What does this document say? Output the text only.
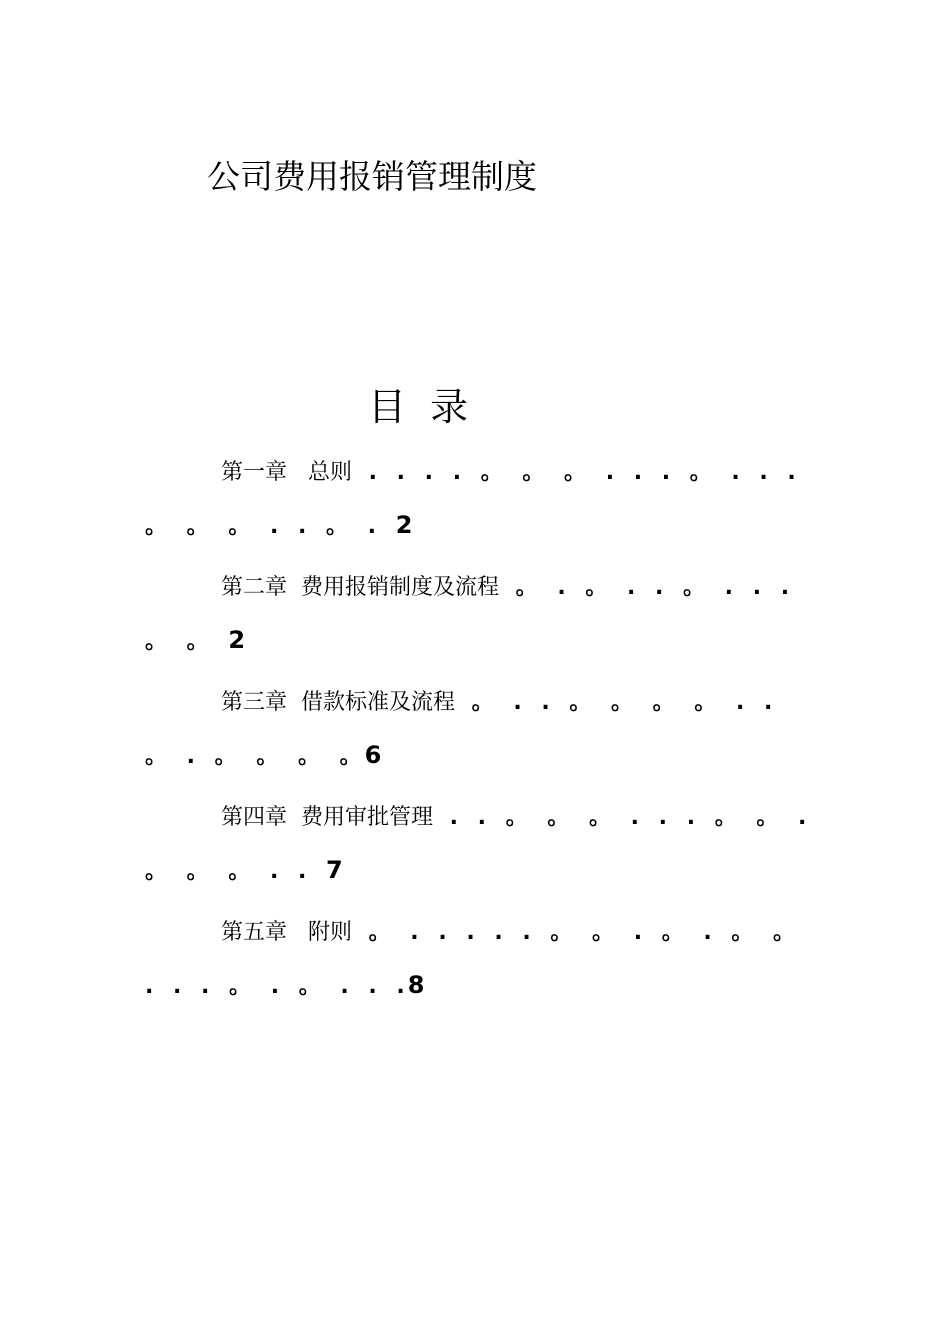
公司费用报销管理制度
目  录

第一章   总则 . . . . 。 。 。 . . . 。 . . . 。 。 。 . . 。 . 2

第二章  费用报销制度及流程 。 . 。 . . 。 . . . 。 。 2

第三章  借款标准及流程 。 . . 。 。 。 。 . . 。 . 。 。 。 。6

第四章  费用审批管理 . . 。 。 。 . . . 。 。 . 。 。 。 . . 7

第五章   附则 。 . . . . . 。 。 . 。 . 。 。 . . . 。 . 。 . . .8
